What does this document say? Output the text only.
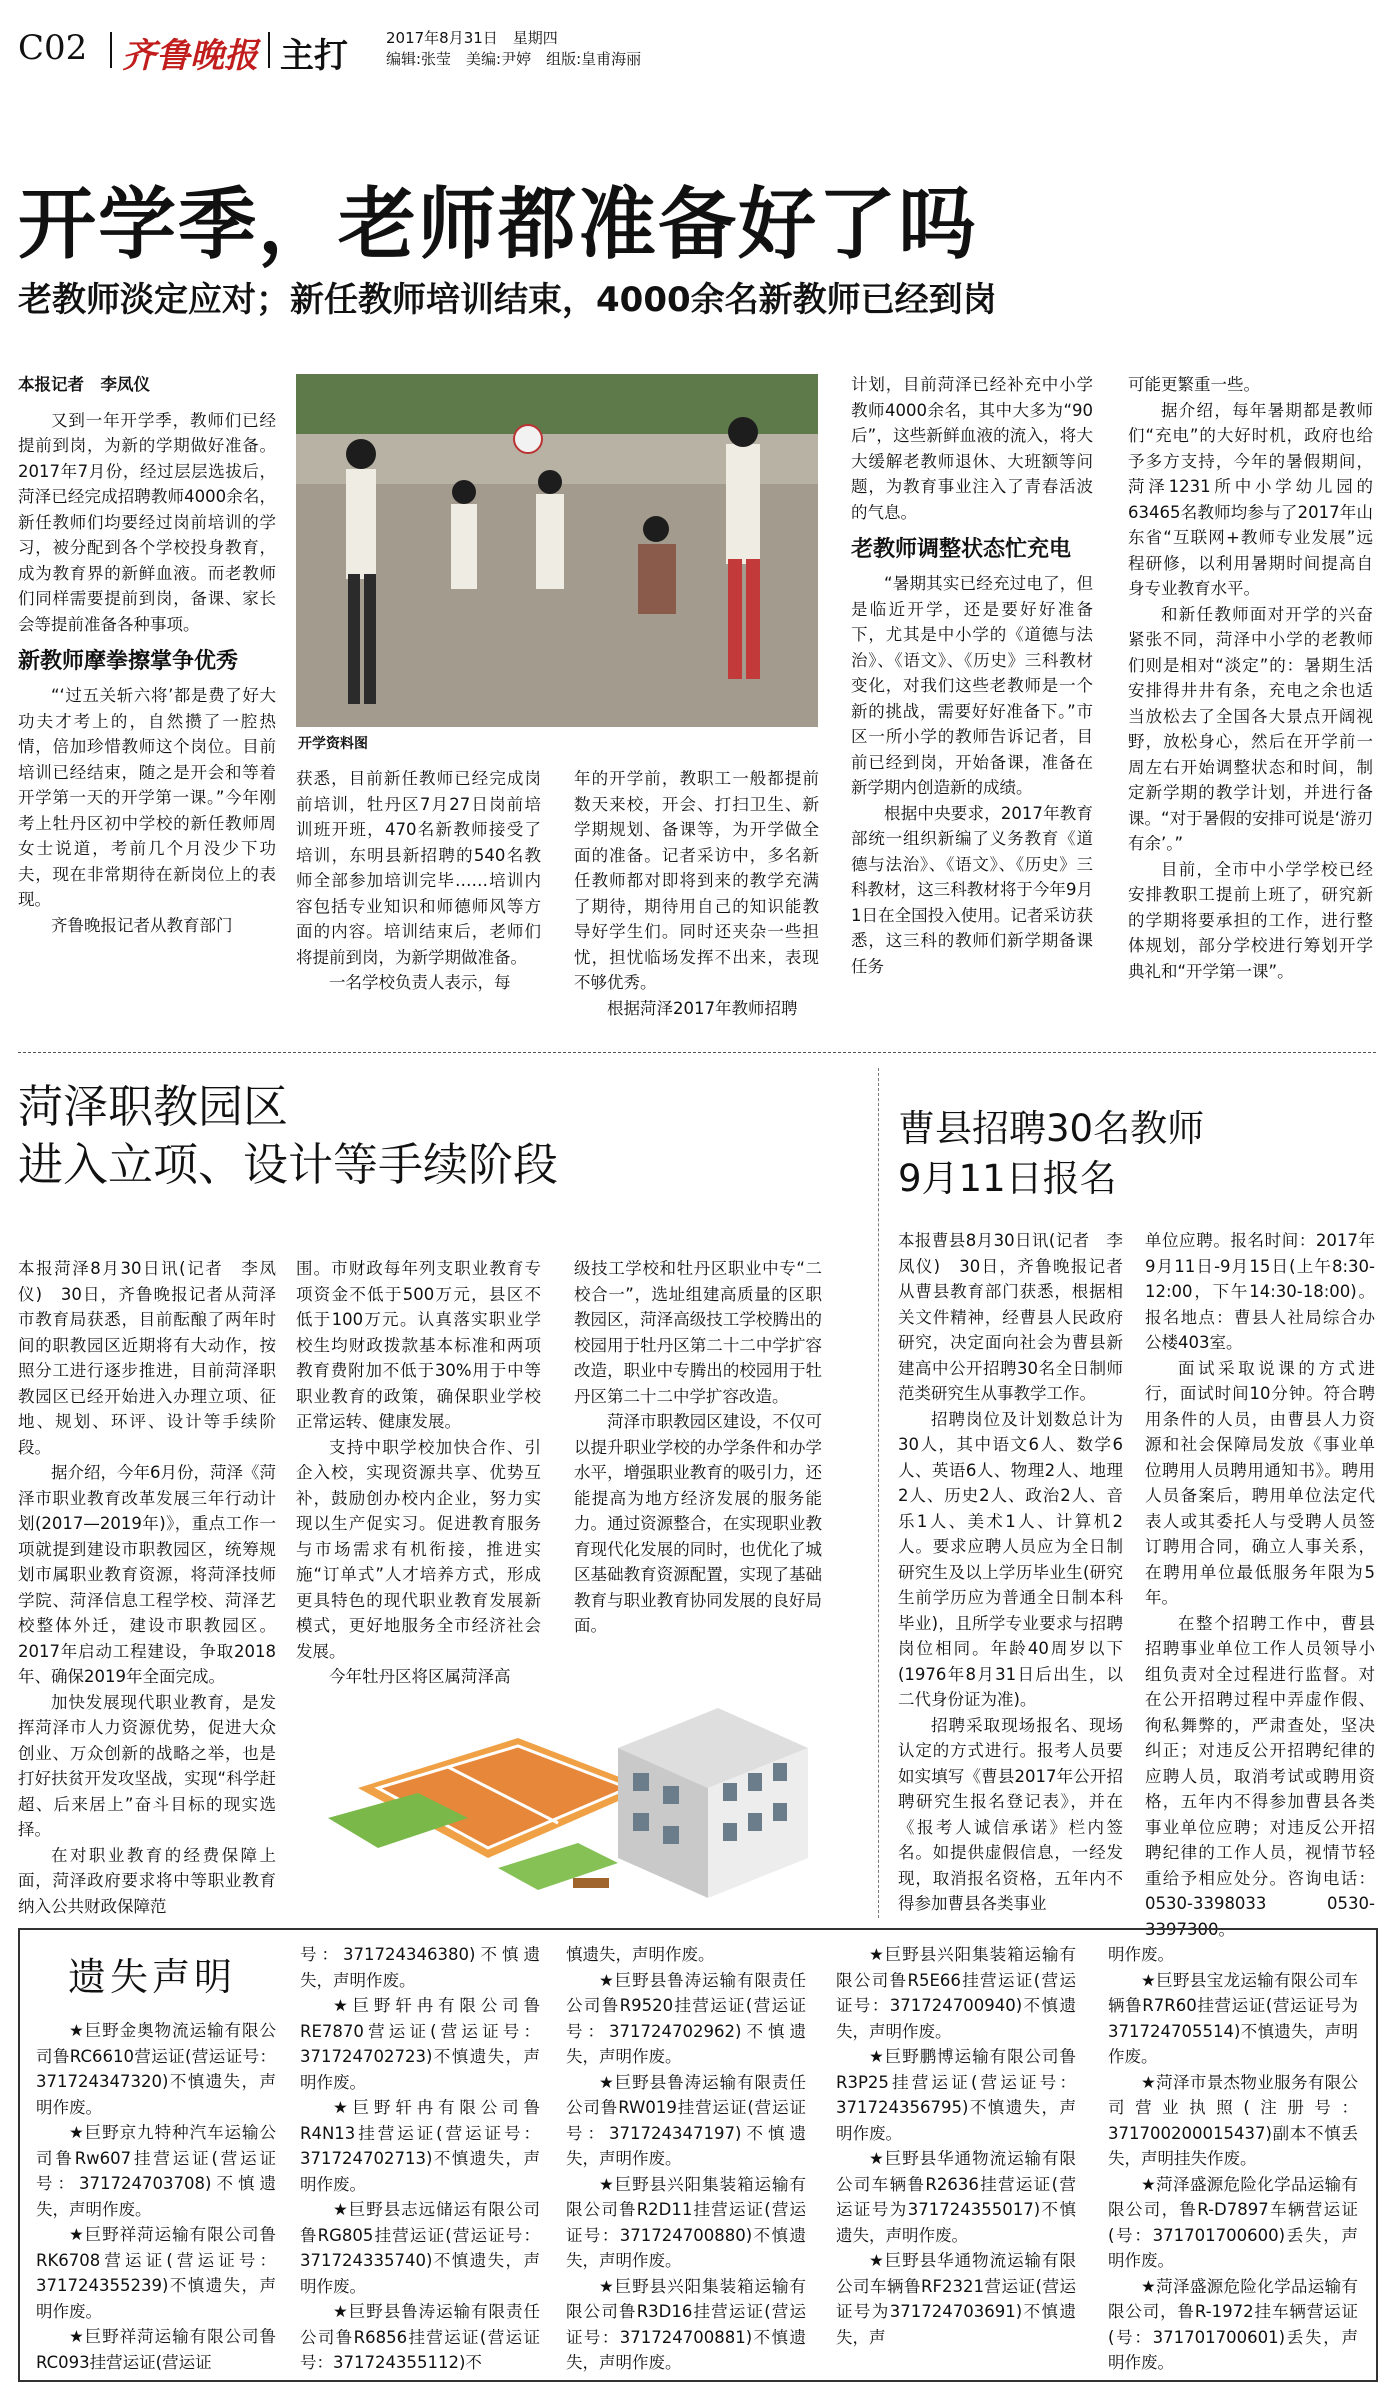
C02 齐鲁晚报 主打	2017年8月31日　星期四
编辑:张莹　美编:尹婷　组版:皇甫海丽
开学季，老师都准备好了吗
老教师淡定应对；新任教师培训结束，4000余名新教师已经到岗
开学资料图

本报记者　李凤仪

又到一年开学季，教师们已经提前到岗，为新的学期做好准备。2017年7月份，经过层层选拔后，菏泽已经完成招聘教师4000余名，新任教师们均要经过岗前培训的学习，被分配到各个学校投身教育，成为教育界的新鲜血液。而老教师们同样需要提前到岗，备课、家长会等提前准备各种事项。

新教师摩拳擦掌争优秀

“‘过五关斩六将’都是费了好大功夫才考上的，自然攒了一腔热情，倍加珍惜教师这个岗位。目前培训已经结束，随之是开会和等着开学第一天的开学第一课。”今年刚考上牡丹区初中学校的新任教师周女士说道，考前几个月没少下功夫，现在非常期待在新岗位上的表现。

齐鲁晚报记者从教育部门

获悉，目前新任教师已经完成岗前培训，牡丹区7月27日岗前培训班开班，470名新教师接受了培训，东明县新招聘的540名教师全部参加培训完毕……培训内容包括专业知识和师德师风等方面的内容。培训结束后，老师们将提前到岗，为新学期做准备。

一名学校负责人表示，每

年的开学前，教职工一般都提前数天来校，开会、打扫卫生、新学期规划、备课等，为开学做全面的准备。记者采访中，多名新任教师都对即将到来的教学充满了期待，期待用自己的知识能教导好学生们。同时还夹杂一些担忧，担忧临场发挥不出来，表现不够优秀。

根据菏泽2017年教师招聘

计划，目前菏泽已经补充中小学教师4000余名，其中大多为“90后”，这些新鲜血液的流入，将大大缓解老教师退休、大班额等问题，为教育事业注入了青春活波的气息。

老教师调整状态忙充电

“暑期其实已经充过电了，但是临近开学，还是要好好准备下，尤其是中小学的《道德与法治》、《语文》、《历史》三科教材变化，对我们这些老教师是一个新的挑战，需要好好准备下。”市区一所小学的教师告诉记者，目前已经到岗，开始备课，准备在新学期内创造新的成绩。

根据中央要求，2017年教育部统一组织新编了义务教育《道德与法治》、《语文》、《历史》三科教材，这三科教材将于今年9月1日在全国投入使用。记者采访获悉，这三科的教师们新学期备课任务

可能更繁重一些。

据介绍，每年暑期都是教师们“充电”的大好时机，政府也给予多方支持，今年的暑假期间，菏泽1231所中小学幼儿园的63465名教师均参与了2017年山东省“互联网+教师专业发展”远程研修，以利用暑期时间提高自身专业教育水平。

和新任教师面对开学的兴奋紧张不同，菏泽中小学的老教师们则是相对“淡定”的：暑期生活安排得井井有条，充电之余也适当放松去了全国各大景点开阔视野，放松身心，然后在开学前一周左右开始调整状态和时间，制定新学期的教学计划，并进行备课。“对于暑假的安排可说是‘游刃有余’。”

目前，全市中小学学校已经安排教职工提前上班了，研究新的学期将要承担的工作，进行整体规划，部分学校进行筹划开学典礼和“开学第一课”。

菏泽职教园区
进入立项、设计等手续阶段

本报菏泽8月30日讯(记者　李凤仪)　30日，齐鲁晚报记者从菏泽市教育局获悉，目前酝酿了两年时间的职教园区近期将有大动作，按照分工进行逐步推进，目前菏泽职教园区已经开始进入办理立项、征地、规划、环评、设计等手续阶段。

据介绍，今年6月份，菏泽《菏泽市职业教育改革发展三年行动计划(2017—2019年)》，重点工作一项就提到建设市职教园区，统筹规划市属职业教育资源，将菏泽技师学院、菏泽信息工程学校、菏泽艺校整体外迁，建设市职教园区。2017年启动工程建设，争取2018年、确保2019年全面完成。

加快发展现代职业教育，是发挥菏泽市人力资源优势，促进大众创业、万众创新的战略之举，也是打好扶贫开发攻坚战，实现“科学赶超、后来居上”奋斗目标的现实选择。

在对职业教育的经费保障上面，菏泽政府要求将中等职业教育纳入公共财政保障范

围。市财政每年列支职业教育专项资金不低于500万元，县区不低于100万元。认真落实职业学校生均财政拨款基本标准和两项教育费附加不低于30%用于中等职业教育的政策，确保职业学校正常运转、健康发展。

支持中职学校加快合作、引企入校，实现资源共享、优势互补，鼓励创办校内企业，努力实现以生产促实习。促进教育服务与市场需求有机衔接，推进实施“订单式”人才培养方式，形成更具特色的现代职业教育发展新模式，更好地服务全市经济社会发展。

今年牡丹区将区属菏泽高

级技工学校和牡丹区职业中专“二校合一”，选址组建高质量的区职教园区，菏泽高级技工学校腾出的校园用于牡丹区第二十二中学扩容改造，职业中专腾出的校园用于牡丹区第二十二中学扩容改造。

菏泽市职教园区建设，不仅可以提升职业学校的办学条件和办学水平，增强职业教育的吸引力，还能提高为地方经济发展的服务能力。通过资源整合，在实现职业教育现代化发展的同时，也优化了城区基础教育资源配置，实现了基础教育与职业教育协同发展的良好局面。

曹县招聘30名教师
9月11日报名

本报曹县8月30日讯(记者　李凤仪)　30日，齐鲁晚报记者从曹县教育部门获悉，根据相关文件精神，经曹县人民政府研究，决定面向社会为曹县新建高中公开招聘30名全日制师范类研究生从事教学工作。

招聘岗位及计划数总计为30人，其中语文6人、数学6人、英语6人、物理2人、地理2人、历史2人、政治2人、音乐1人、美术1人、计算机2人。要求应聘人员应为全日制研究生及以上学历毕业生(研究生前学历应为普通全日制本科毕业)，且所学专业要求与招聘岗位相同。年龄40周岁以下(1976年8月31日后出生，以二代身份证为准)。

招聘采取现场报名、现场认定的方式进行。报考人员要如实填写《曹县2017年公开招聘研究生报名登记表》，并在《报考人诚信承诺》栏内签名。如提供虚假信息，一经发现，取消报名资格，五年内不得参加曹县各类事业

单位应聘。报名时间：2017年9月11日-9月15日(上午8:30-12:00，下午14:30-18:00)。报名地点：曹县人社局综合办公楼403室。

面试采取说课的方式进行，面试时间10分钟。符合聘用条件的人员，由曹县人力资源和社会保障局发放《事业单位聘用人员聘用通知书》。聘用人员备案后，聘用单位法定代表人或其委托人与受聘人员签订聘用合同，确立人事关系，在聘用单位最低服务年限为5年。

在整个招聘工作中，曹县招聘事业单位工作人员领导小组负责对全过程进行监督。对在公开招聘过程中弄虚作假、徇私舞弊的，严肃查处，坚决纠正；对违反公开招聘纪律的应聘人员，取消考试或聘用资格，五年内不得参加曹县各类事业单位应聘；对违反公开招聘纪律的工作人员，视情节轻重给予相应处分。咨询电话：0530-3398033 0530-3397300。

遗失声明

★巨野金奥物流运输有限公司鲁RC6610营运证(营运证号：371724347320)不慎遗失，声明作废。

★巨野京九特种汽车运输公司鲁Rw607挂营运证(营运证号：371724703708)不慎遗失，声明作废。

★巨野祥菏运输有限公司鲁RK6708营运证(营运证号：371724355239)不慎遗失，声明作废。

★巨野祥菏运输有限公司鲁RC093挂营运证(营运证

号：371724346380)不慎遗失，声明作废。

★巨野轩冉有限公司鲁RE7870营运证(营运证号：371724702723)不慎遗失，声明作废。

★巨野轩冉有限公司鲁R4N13挂营运证(营运证号：371724702713)不慎遗失，声明作废。

★巨野县志远储运有限公司鲁RG805挂营运证(营运证号：371724335740)不慎遗失，声明作废。

★巨野县鲁涛运输有限责任公司鲁R6856挂营运证(营运证号：371724355112)不

慎遗失，声明作废。

★巨野县鲁涛运输有限责任公司鲁R9520挂营运证(营运证号：371724702962)不慎遗失，声明作废。

★巨野县鲁涛运输有限责任公司鲁RW019挂营运证(营运证号：371724347197)不慎遗失，声明作废。

★巨野县兴阳集装箱运输有限公司鲁R2D11挂营运证(营运证号：371724700880)不慎遗失，声明作废。

★巨野县兴阳集装箱运输有限公司鲁R3D16挂营运证(营运证号：371724700881)不慎遗失，声明作废。

★巨野县兴阳集装箱运输有限公司鲁R5E66挂营运证(营运证号：371724700940)不慎遗失，声明作废。

★巨野鹏博运输有限公司鲁R3P25挂营运证(营运证号：371724356795)不慎遗失，声明作废。

★巨野县华通物流运输有限公司车辆鲁R2636挂营运证(营运证号为371724355017)不慎遗失，声明作废。

★巨野县华通物流运输有限公司车辆鲁RF2321营运证(营运证号为371724703691)不慎遗失，声

明作废。

★巨野县宝龙运输有限公司车辆鲁R7R60挂营运证(营运证号为371724705514)不慎遗失，声明作废。

★菏泽市景杰物业服务有限公司营业执照(注册号：371700200015437)副本不慎丢失，声明挂失作废。

★菏泽盛源危险化学品运输有限公司，鲁R-D7897车辆营运证(号：371701700600)丢失，声明作废。

★菏泽盛源危险化学品运输有限公司，鲁R-1972挂车辆营运证(号：371701700601)丢失，声明作废。
